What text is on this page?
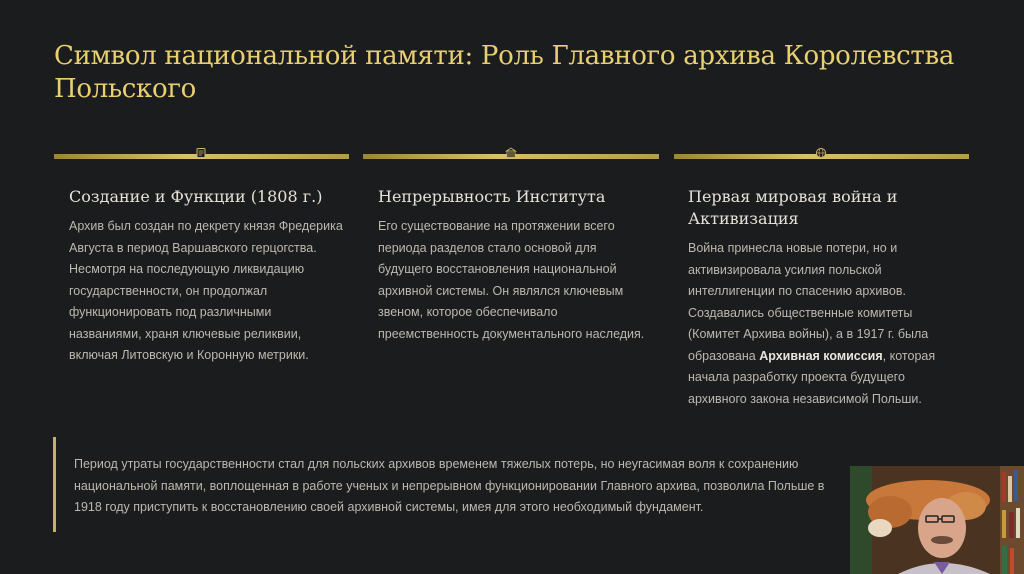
Символ национальной памяти: Роль Главного архива Королевства Польского
Создание и Функции (1808 г.)

Архив был создан по декрету князя Фредерика Августа в период Варшавского герцогства. Несмотря на последующую ликвидацию государственности, он продолжал функционировать под различными названиями, храня ключевые реликвии, включая Литовскую и Коронную метрики.

Непрерывность Института

Его существование на протяжении всего периода разделов стало основой для будущего восстановления национальной архивной системы. Он являлся ключевым звеном, которое обеспечивало преемственность документального наследия.

Первая мировая война и Активизация

Война принесла новые потери, но и активизировала усилия польской интеллигенции по спасению архивов. Создавались общественные комитеты (Комитет Архива войны), а в 1917 г. была образована Архивная комиссия, которая начала разработку проекта будущего архивного закона независимой Польши.

Период утраты государственности стал для польских архивов временем тяжелых потерь, но неугасимая воля к сохранению национальной памяти, воплощенная в работе ученых и непрерывном функционировании Главного архива, позволила Польше в 1918 году приступить к восстановлению своей архивной системы, имея для этого необходимый фундамент.
